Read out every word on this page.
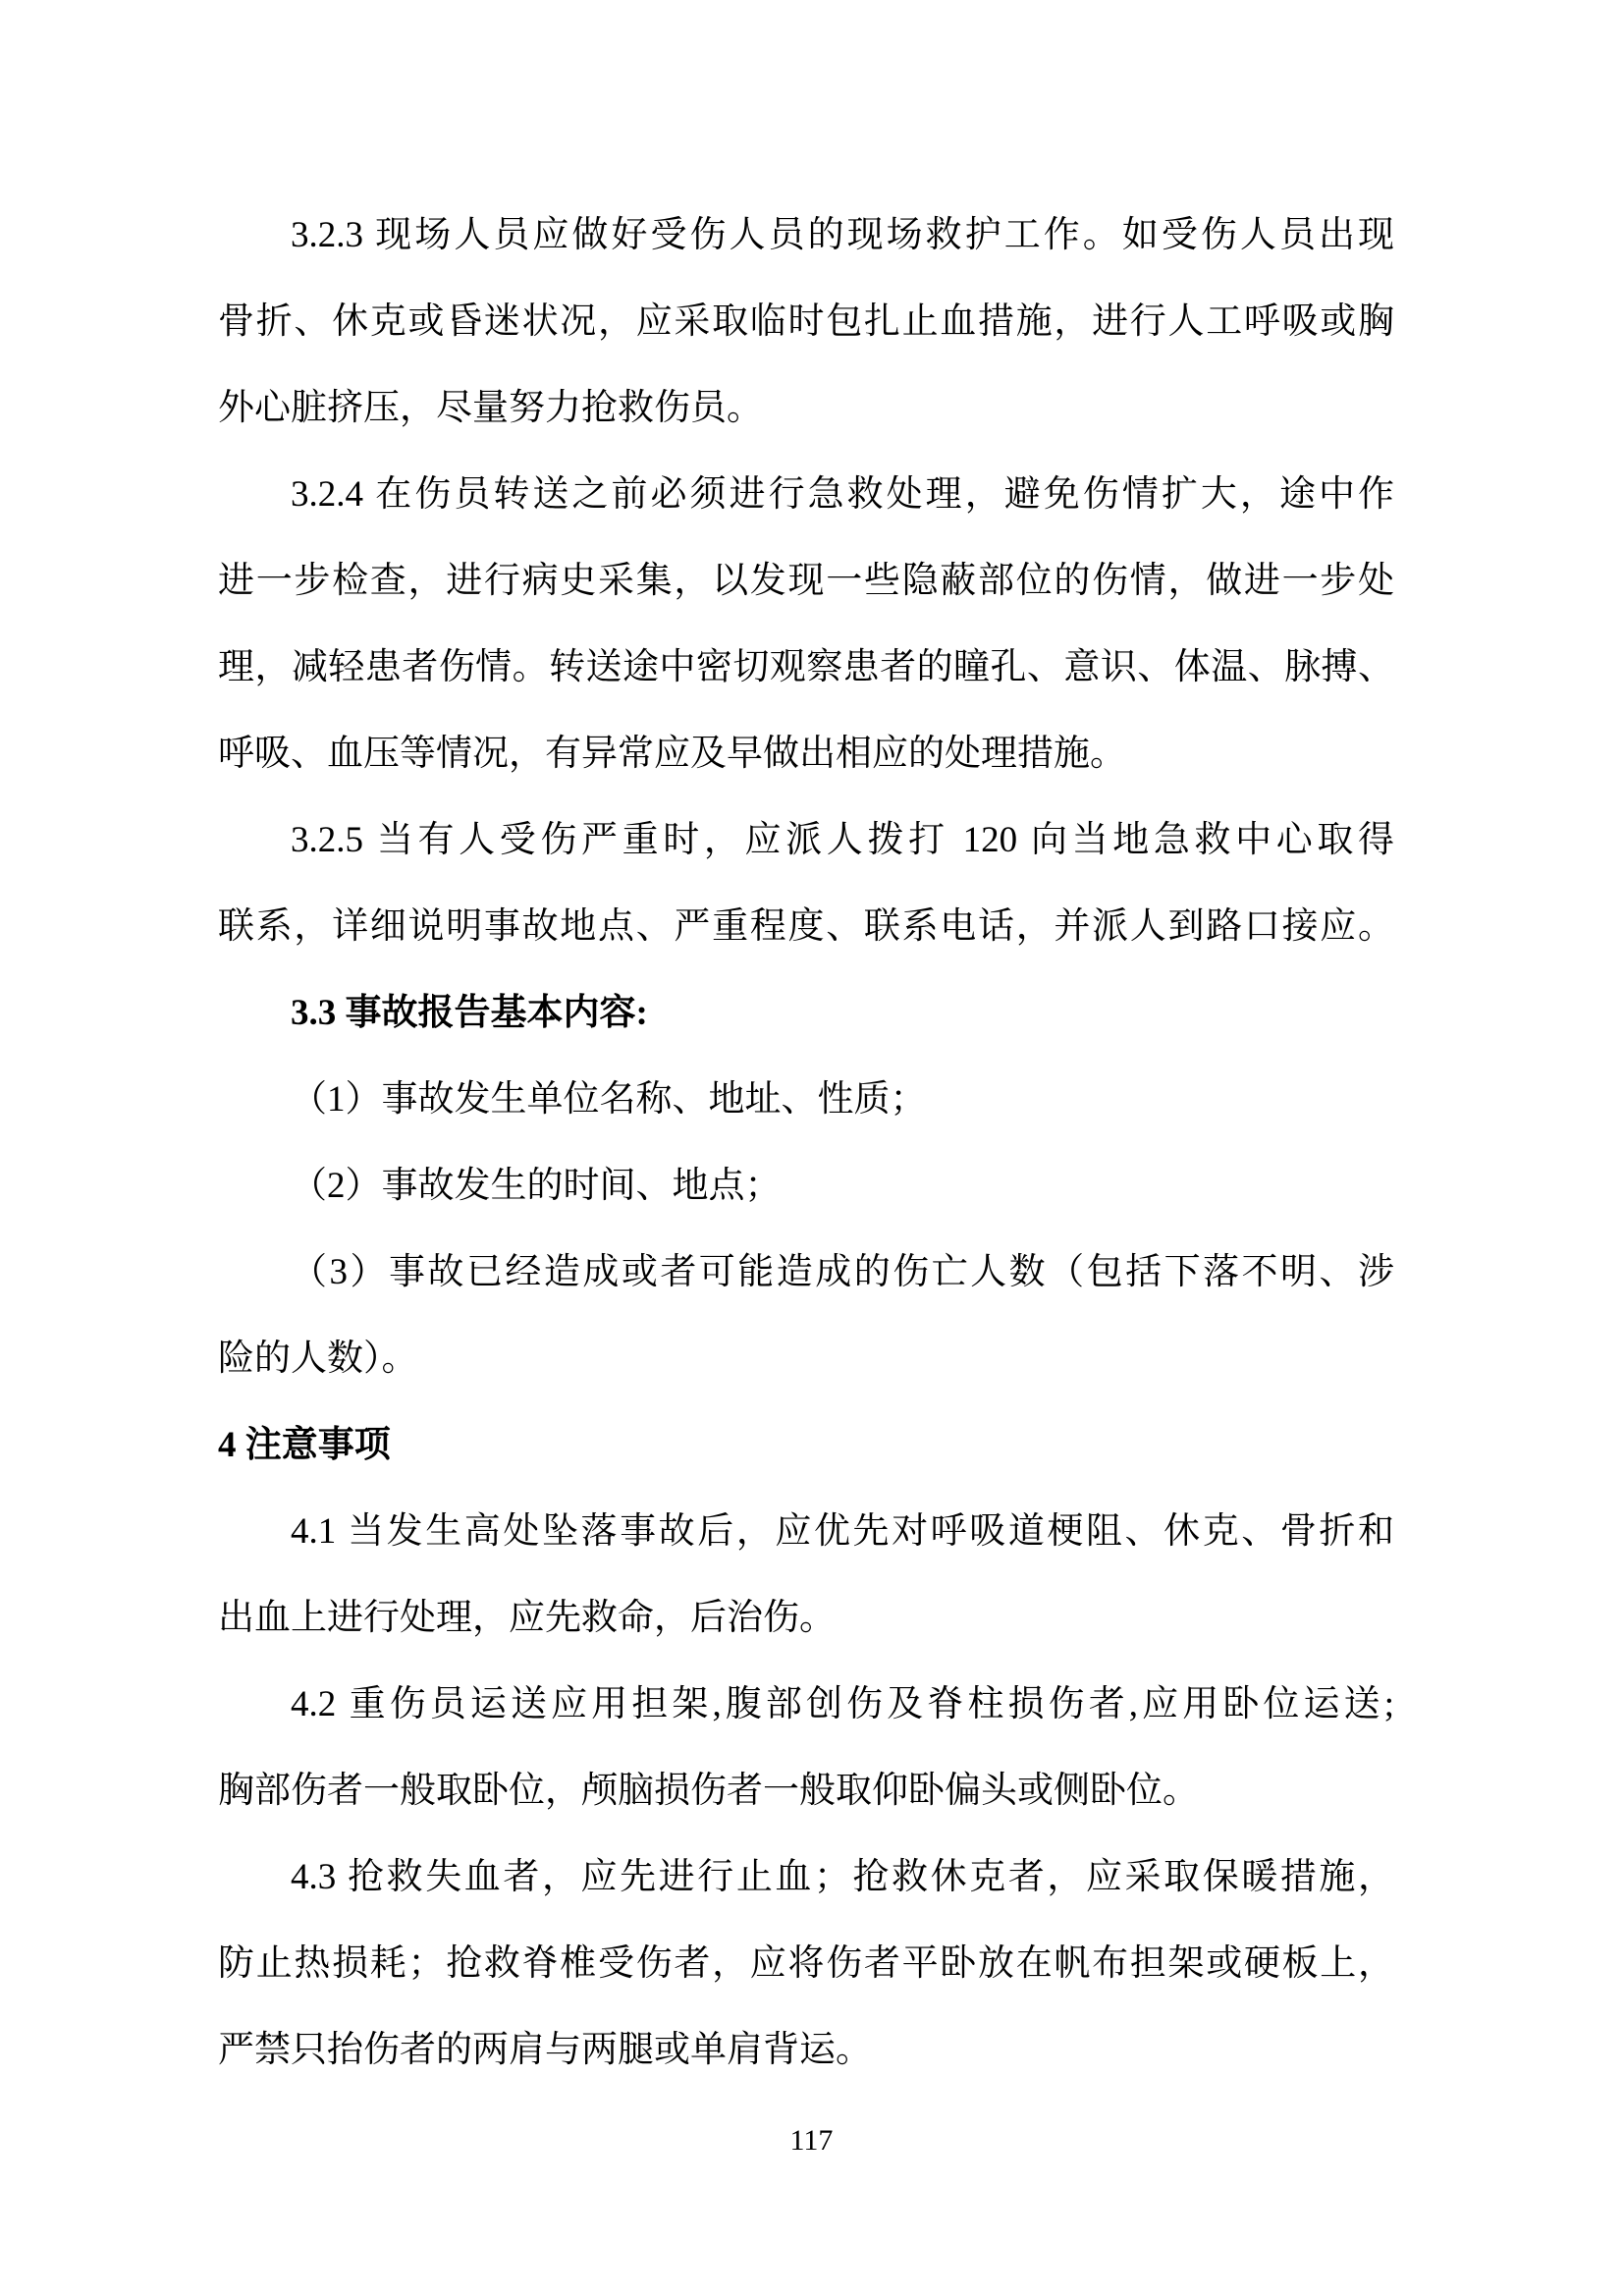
3.2.3 现场人员应做好受伤人员的现场救护工作。如受伤人员出现
骨折、休克或昏迷状况，应采取临时包扎止血措施，进行人工呼吸或胸
外心脏挤压，尽量努力抢救伤员。
3.2.4 在伤员转送之前必须进行急救处理，避免伤情扩大，途中作
进一步检查，进行病史采集，以发现一些隐蔽部位的伤情，做进一步处
理，减轻患者伤情。转送途中密切观察患者的瞳孔、意识、体温、脉搏、
呼吸、血压等情况，有异常应及早做出相应的处理措施。
3.2.5 当有人受伤严重时，应派人拨打 120 向当地急救中心取得
联系，详细说明事故地点、严重程度、联系电话，并派人到路口接应。
3.3 事故报告基本内容:
（1）事故发生单位名称、地址、性质；
（2）事故发生的时间、地点；
（3）事故已经造成或者可能造成的伤亡人数（包括下落不明、涉
险的人数）。
4 注意事项
4.1 当发生高处坠落事故后，应优先对呼吸道梗阻、休克、骨折和
出血上进行处理，应先救命，后治伤。
4.2 重伤员运送应用担架,腹部创伤及脊柱损伤者,应用卧位运送;
胸部伤者一般取卧位，颅脑损伤者一般取仰卧偏头或侧卧位。
4.3 抢救失血者，应先进行止血；抢救休克者，应采取保暖措施，
防止热损耗；抢救脊椎受伤者，应将伤者平卧放在帆布担架或硬板上，
严禁只抬伤者的两肩与两腿或单肩背运。
117
